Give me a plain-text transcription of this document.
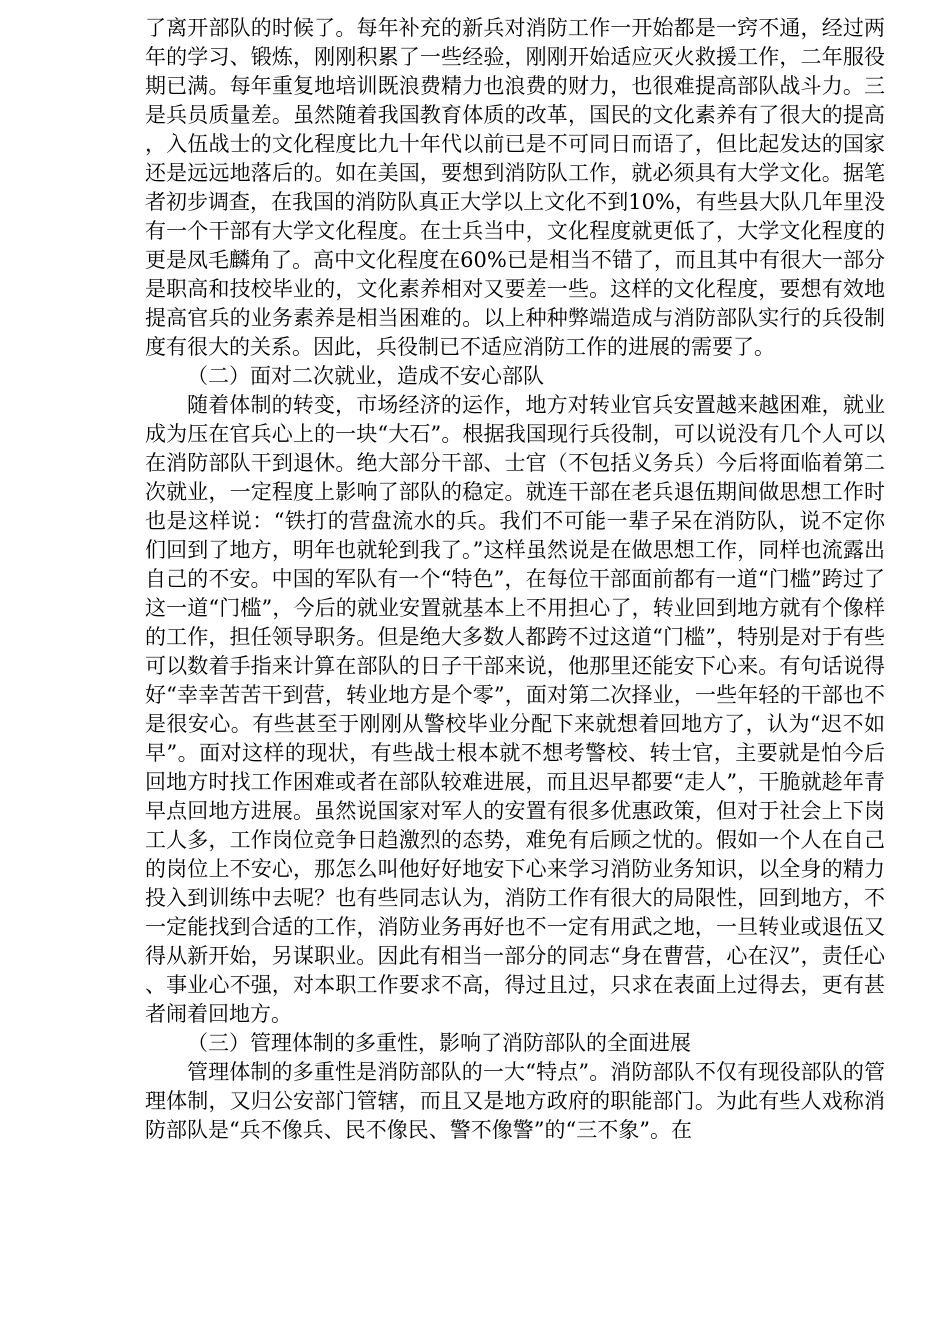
了离开部队的时候了。每年补充的新兵对消防工作一开始都是一窍不通，经过两年的学习、锻炼，刚刚积累了一些经验，刚刚开始适应灭火救援工作，二年服役期已满。每年重复地培训既浪费精力也浪费的财力，也很难提高部队战斗力。三是兵员质量差。虽然随着我国教育体质的改革，国民的文化素养有了很大的提高，入伍战士的文化程度比九十年代以前已是不可同日而语了，但比起发达的国家还是远远地落后的。如在美国，要想到消防队工作，就必须具有大学文化。据笔者初步调查，在我国的消防队真正大学以上文化不到10%，有些县大队几年里没有一个干部有大学文化程度。在士兵当中，文化程度就更低了，大学文化程度的更是凤毛麟角了。高中文化程度在60%已是相当不错了，而且其中有很大一部分是职高和技校毕业的，文化素养相对又要差一些。这样的文化程度，要想有效地提高官兵的业务素养是相当困难的。以上种种弊端造成与消防部队实行的兵役制度有很大的关系。因此，兵役制已不适应消防工作的进展的需要了。

（二）面对二次就业，造成不安心部队

随着体制的转变，市场经济的运作，地方对转业官兵安置越来越困难，就业成为压在官兵心上的一块“大石”。根据我国现行兵役制，可以说没有几个人可以在消防部队干到退休。绝大部分干部、士官（不包括义务兵）今后将面临着第二次就业，一定程度上影响了部队的稳定。就连干部在老兵退伍期间做思想工作时也是这样说：“铁打的营盘流水的兵。我们不可能一辈子呆在消防队，说不定你们回到了地方，明年也就轮到我了。”这样虽然说是在做思想工作，同样也流露出自己的不安。中国的军队有一个“特色”，在每位干部面前都有一道“门槛”跨过了这一道“门槛”，今后的就业安置就基本上不用担心了，转业回到地方就有个像样的工作，担任领导职务。但是绝大多数人都跨不过这道“门槛”，特别是对于有些可以数着手指来计算在部队的日子干部来说，他那里还能安下心来。有句话说得好“幸幸苦苦干到营，转业地方是个零”，面对第二次择业，一些年轻的干部也不是很安心。有些甚至于刚刚从警校毕业分配下来就想着回地方了，认为“迟不如早”。面对这样的现状，有些战士根本就不想考警校、转士官，主要就是怕今后回地方时找工作困难或者在部队较难进展，而且迟早都要“走人”，干脆就趁年青早点回地方进展。虽然说国家对军人的安置有很多优惠政策，但对于社会上下岗工人多，工作岗位竞争日趋激烈的态势，难免有后顾之忧的。假如一个人在自己的岗位上不安心，那怎么叫他好好地安下心来学习消防业务知识，以全身的精力投入到训练中去呢？也有些同志认为，消防工作有很大的局限性，回到地方，不一定能找到合适的工作，消防业务再好也不一定有用武之地，一旦转业或退伍又得从新开始，另谋职业。因此有相当一部分的同志“身在曹营，心在汉”，责任心、事业心不强，对本职工作要求不高，得过且过，只求在表面上过得去，更有甚者闹着回地方。

（三）管理体制的多重性，影响了消防部队的全面进展

管理体制的多重性是消防部队的一大“特点”。消防部队不仅有现役部队的管理体制，又归公安部门管辖，而且又是地方政府的职能部门。为此有些人戏称消防部队是“兵不像兵、民不像民、警不像警”的“三不象”。在
